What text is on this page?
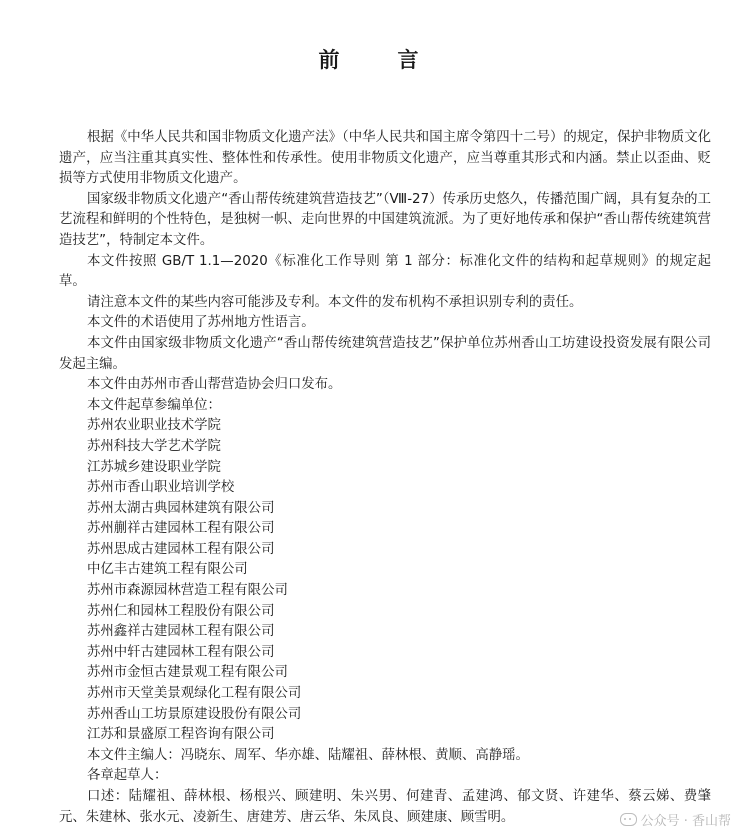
前	言

根据《中华人民共和国非物质文化遗产法》（中华人民共和国主席令第四十二号）的规定，保护非物质文化遗产，应当注重其真实性、整体性和传承性。使用非物质文化遗产，应当尊重其形式和内涵。禁止以歪曲、贬损等方式使用非物质文化遗产。

国家级非物质文化遗产“香山帮传统建筑营造技艺”（Ⅷ-27）传承历史悠久，传播范围广阔，具有复杂的工艺流程和鲜明的个性特色，是独树一帜、走向世界的中国建筑流派。为了更好地传承和保护“香山帮传统建筑营造技艺”，特制定本文件。

本文件按照 GB/T 1.1—2020《标准化工作导则 第 1 部分：标准化文件的结构和起草规则》的规定起草。

请注意本文件的某些内容可能涉及专利。本文件的发布机构不承担识别专利的责任。

本文件的术语使用了苏州地方性语言。

本文件由国家级非物质文化遗产“香山帮传统建筑营造技艺”保护单位苏州香山工坊建设投资发展有限公司发起主编。

本文件由苏州市香山帮营造协会归口发布。

本文件起草参编单位：

苏州农业职业技术学院
苏州科技大学艺术学院
江苏城乡建设职业学院
苏州市香山职业培训学校
苏州太湖古典园林建筑有限公司
苏州蒯祥古建园林工程有限公司
苏州思成古建园林工程有限公司
中亿丰古建筑工程有限公司
苏州市森源园林营造工程有限公司
苏州仁和园林工程股份有限公司
苏州鑫祥古建园林工程有限公司
苏州中轩古建园林工程有限公司
苏州市金恒古建景观工程有限公司
苏州市天堂美景观绿化工程有限公司
苏州香山工坊景原建设股份有限公司
江苏和景盛原工程咨询有限公司

本文件主编人：冯晓东、周军、华亦雄、陆耀祖、薛林根、黄顺、高静瑶。

各章起草人：

口述：陆耀祖、薛林根、杨根兴、顾建明、朱兴男、何建青、孟建鸿、郁文贤、许建华、蔡云娣、费肇元、朱建林、张水元、凌新生、唐建芳、唐云华、朱凤良、顾建康、顾雪明。	公众号 · 香山帮
